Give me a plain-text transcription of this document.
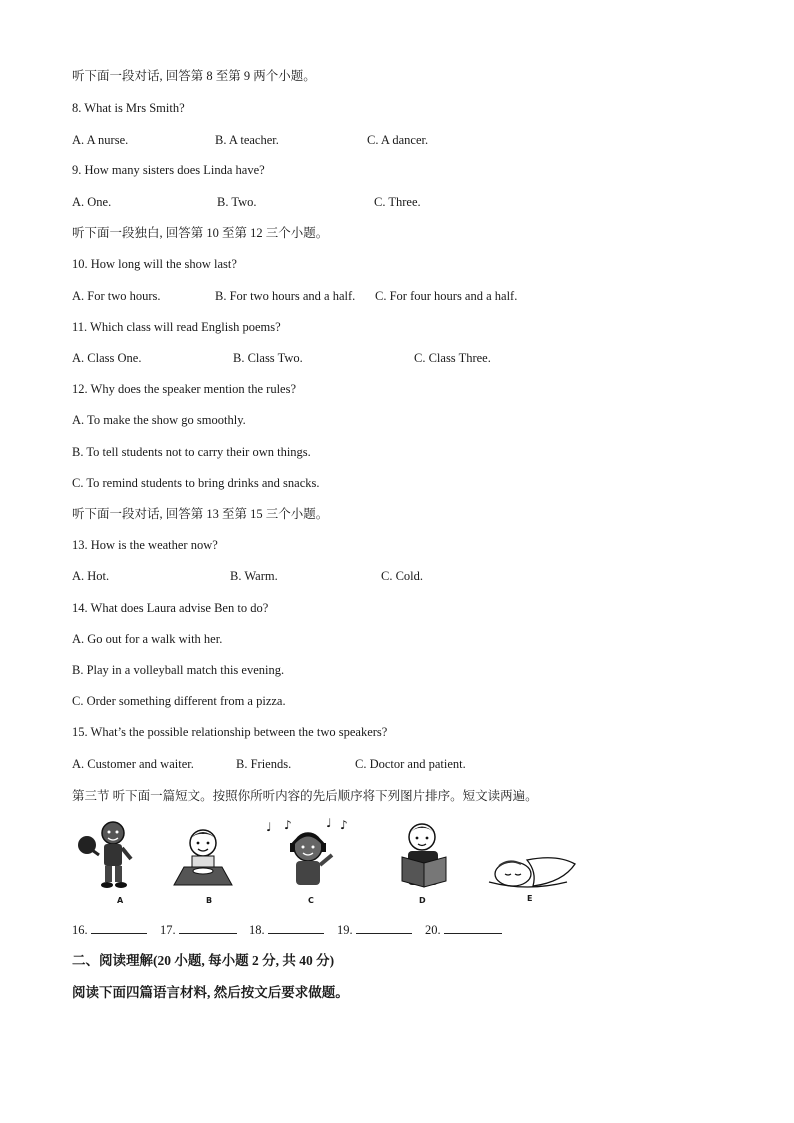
听下面一段对话, 回答第 8 至第 9 两个小题。
8. What is Mrs Smith?
A. A nurse.	B. A teacher.	C. A dancer.
9. How many sisters does Linda have?
A. One.	B. Two.	C. Three.
听下面一段独白, 回答第 10 至第 12 三个小题。
10. How long will the show last?
A. For two hours.	B. For two hours and a half. C. For four hours and a half.
11. Which class will read English poems?
A. Class One.	B. Class Two.	C. Class Three.
12. Why does the speaker mention the rules?
A. To make the show go smoothly.
B. To tell students not to carry their own things.
C. To remind students to bring drinks and snacks.
听下面一段对话, 回答第 13 至第 15 三个小题。
13. How is the weather now?
A. Hot.	B. Warm.	C. Cold.
14. What does Laura advise Ben to do?
A. Go out for a walk with her.
B. Play in a volleyball match this evening.
C. Order something different from a pizza.
15. What’s the possible relationship between the two speakers?
A. Customer and waiter.	B. Friends.	C. Doctor and patient.
第三节 听下面一篇短文。按照你所听内容的先后顺序将下列图片排序。短文读两遍。
A	B
♩ ♪	♩ ♪
C	D	E
16.	17.	18.	19.	20.
二、阅读理解(20 小题, 每小题 2 分, 共 40 分)
阅读下面四篇语言材料, 然后按文后要求做题。
